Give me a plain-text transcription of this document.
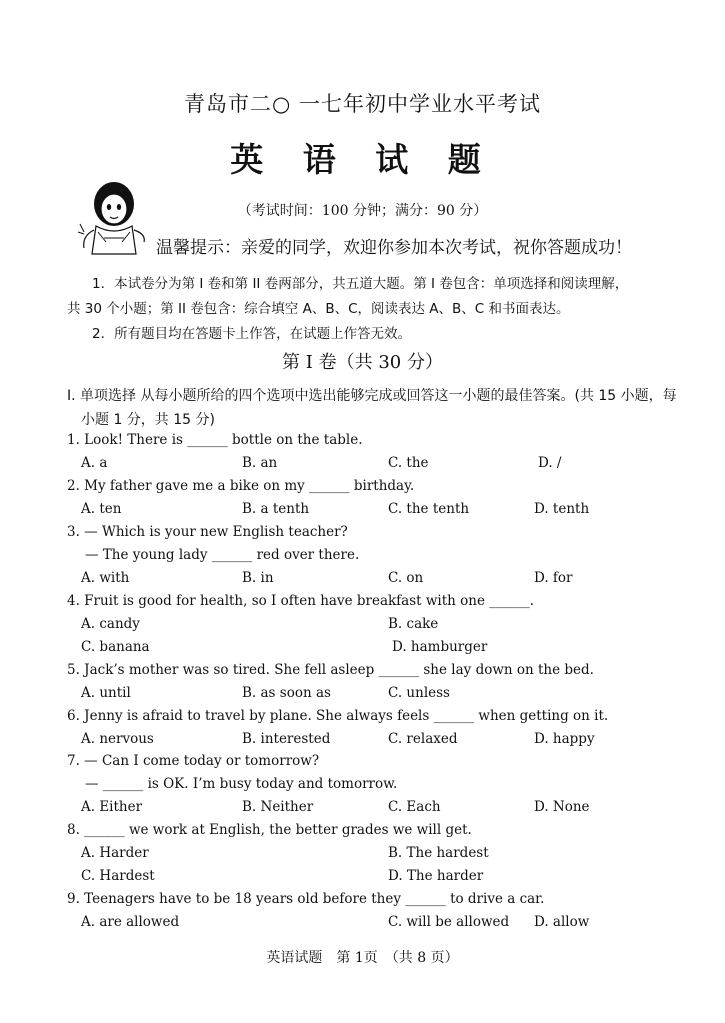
青岛市二○ 一七年初中学业水平考试
英 语 试 题
（考试时间：100 分钟；满分：90 分）
温馨提示：亲爱的同学，欢迎你参加本次考试，祝你答题成功！
1．本试卷分为第 I 卷和第 II 卷两部分，共五道大题。第 I 卷包含：单项选择和阅读理解，
共 30 个小题；第 II 卷包含：综合填空 A、B、C，阅读表达 A、B、C 和书面表达。
2．所有题目均在答题卡上作答，在试题上作答无效。
第 I 卷（共 30 分）
I. 单项选择 从每小题所给的四个选项中选出能够完成或回答这一小题的最佳答案。(共 15 小题，每小题 1 分，共 15 分)
1. Look! There is ______ bottle on the table.
A. a	B. an	C. the	D. /
2. My father gave me a bike on my ______ birthday.
A. ten	B. a tenth	C. the tenth	D. tenth
3. — Which is your new English teacher?
— The young lady ______ red over there.
A. with	B. in	C. on	D. for
4. Fruit is good for health, so I often have breakfast with one ______.
A. candy	B. cake
C. banana	D. hamburger
5. Jack’s mother was so tired. She fell asleep ______ she lay down on the bed.
A. until	B. as soon as	C. unless
6. Jenny is afraid to travel by plane. She always feels ______ when getting on it.
A. nervous	B. interested	C. relaxed	D. happy
7. — Can I come today or tomorrow?
— ______ is OK. I’m busy today and tomorrow.
A. Either	B. Neither	C. Each	D. None
8. ______ we work at English, the better grades we will get.
A. Harder	B. The hardest
C. Hardest	D. The harder
9. Teenagers have to be 18 years old before they ______ to drive a car.
A. are allowed	C. will be allowed D. allow
英语试题　第 1页　（共 8 页）
